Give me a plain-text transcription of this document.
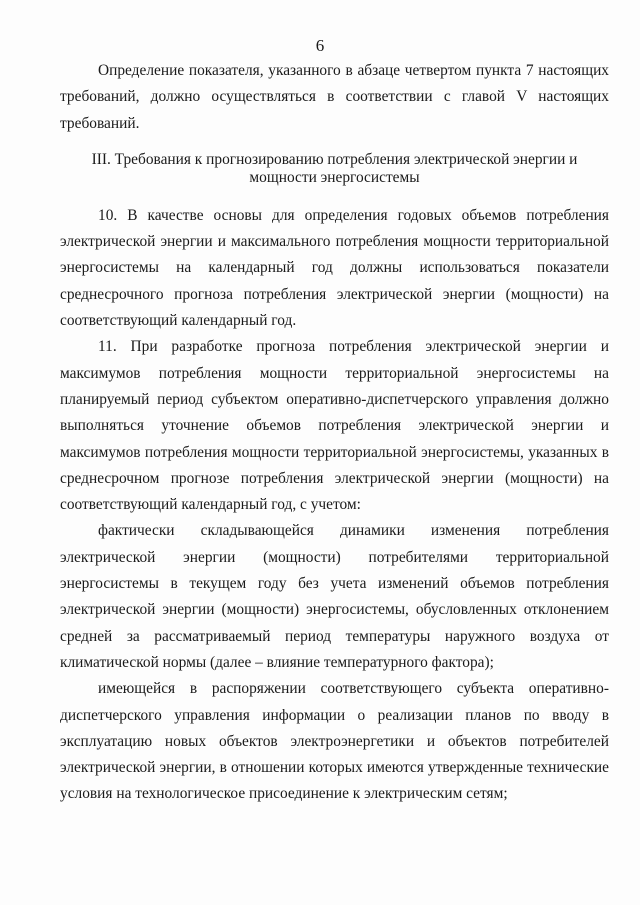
6

Определение показателя, указанного в абзаце четвертом пункта 7 настоящих требований, должно осуществляться в соответствии с главой V настоящих требований.

III. Требования к прогнозированию потребления электрической энергии и
мощности энергосистемы

10. В качестве основы для определения годовых объемов потребления электрической энергии и максимального потребления мощности территориальной энергосистемы на календарный год должны использоваться показатели среднесрочного прогноза потребления электрической энергии (мощности) на соответствующий календарный год.

11. При разработке прогноза потребления электрической энергии и максимумов потребления мощности территориальной энергосистемы на планируемый период субъектом оперативно-диспетчерского управления должно выполняться уточнение объемов потребления электрической энергии и максимумов потребления мощности территориальной энергосистемы, указанных в среднесрочном прогнозе потребления электрической энергии (мощности) на соответствующий календарный год, с учетом:

фактически складывающейся динамики изменения потребления электрической энергии (мощности) потребителями территориальной энергосистемы в текущем году без учета изменений объемов потребления электрической энергии (мощности) энергосистемы, обусловленных отклонением средней за рассматриваемый период температуры наружного воздуха от климатической нормы (далее – влияние температурного фактора);

имеющейся в распоряжении соответствующего субъекта оперативно-диспетчерского управления информации о реализации планов по вводу в эксплуатацию новых объектов электроэнергетики и объектов потребителей электрической энергии, в отношении которых имеются утвержденные технические условия на технологическое присоединение к электрическим сетям;
